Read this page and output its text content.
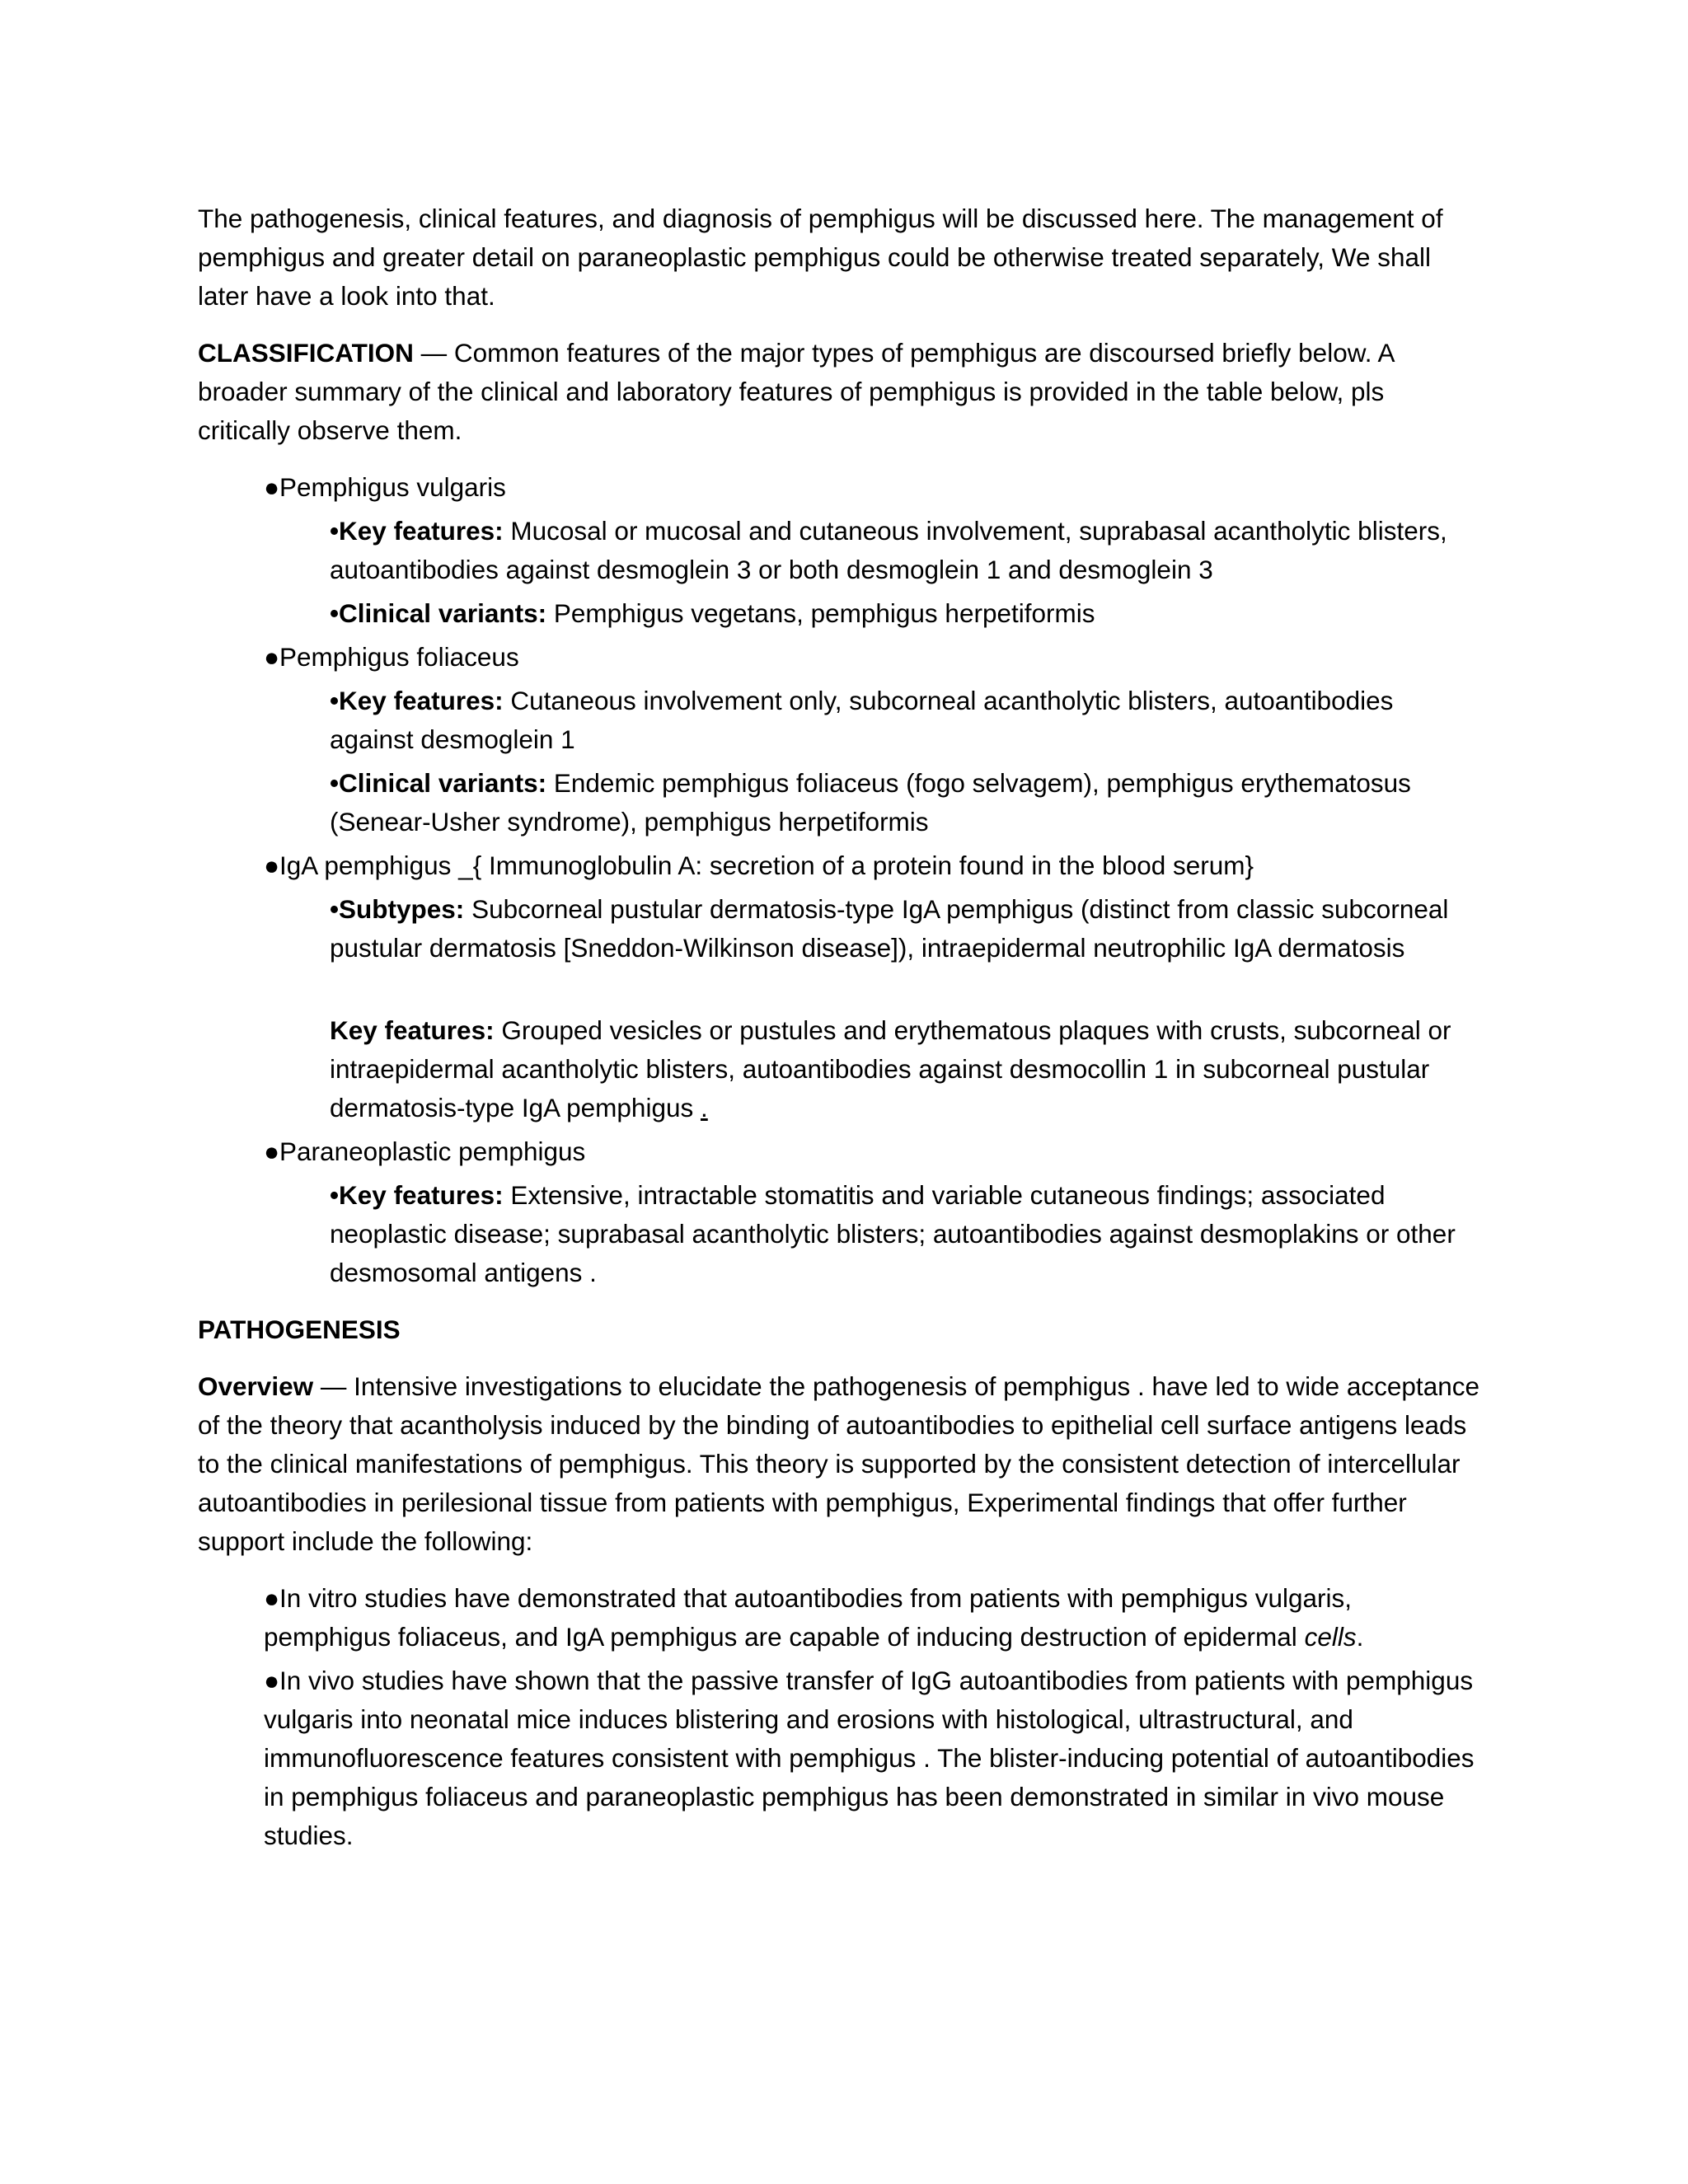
The pathogenesis, clinical features, and diagnosis of pemphigus will be discussed here. The management of pemphigus and greater detail on paraneoplastic pemphigus could be otherwise treated separately, We shall later have a look into that.

CLASSIFICATION — Common features of the major types of pemphigus are discoursed briefly below. A broader summary of the clinical and laboratory features of pemphigus is provided in the table below, pls critically observe them.

●Pemphigus vulgaris

•Key features: Mucosal or mucosal and cutaneous involvement, suprabasal acantholytic blisters, autoantibodies against desmoglein 3 or both desmoglein 1 and desmoglein 3

•Clinical variants: Pemphigus vegetans, pemphigus herpetiformis

●Pemphigus foliaceus

•Key features: Cutaneous involvement only, subcorneal acantholytic blisters, autoantibodies against desmoglein 1

•Clinical variants: Endemic pemphigus foliaceus (fogo selvagem), pemphigus erythematosus (Senear-Usher syndrome), pemphigus herpetiformis

●IgA pemphigus _{ Immunoglobulin A: secretion of a protein found in the blood serum}

•Subtypes: Subcorneal pustular dermatosis-type IgA pemphigus (distinct from classic subcorneal pustular dermatosis [Sneddon-Wilkinson disease]), intraepidermal neutrophilic IgA dermatosis

Key features: Grouped vesicles or pustules and erythematous plaques with crusts, subcorneal or intraepidermal acantholytic blisters, autoantibodies against desmocollin 1 in subcorneal pustular dermatosis-type IgA pemphigus .

●Paraneoplastic pemphigus

•Key features: Extensive, intractable stomatitis and variable cutaneous findings; associated neoplastic disease; suprabasal acantholytic blisters; autoantibodies against desmoplakins or other desmosomal antigens .

PATHOGENESIS

Overview — Intensive investigations to elucidate the pathogenesis of pemphigus . have led to wide acceptance of the theory that acantholysis induced by the binding of autoantibodies to epithelial cell surface antigens leads to the clinical manifestations of pemphigus. This theory is supported by the consistent detection of intercellular autoantibodies in perilesional tissue from patients with pemphigus, Experimental findings that offer further support include the following:

●In vitro studies have demonstrated that autoantibodies from patients with pemphigus vulgaris, pemphigus foliaceus, and IgA pemphigus are capable of inducing destruction of epidermal cells.

●In vivo studies have shown that the passive transfer of IgG autoantibodies from patients with pemphigus vulgaris into neonatal mice induces blistering and erosions with histological, ultrastructural, and immunofluorescence features consistent with pemphigus . The blister-inducing potential of autoantibodies in pemphigus foliaceus and paraneoplastic pemphigus has been demonstrated in similar in vivo mouse studies.
